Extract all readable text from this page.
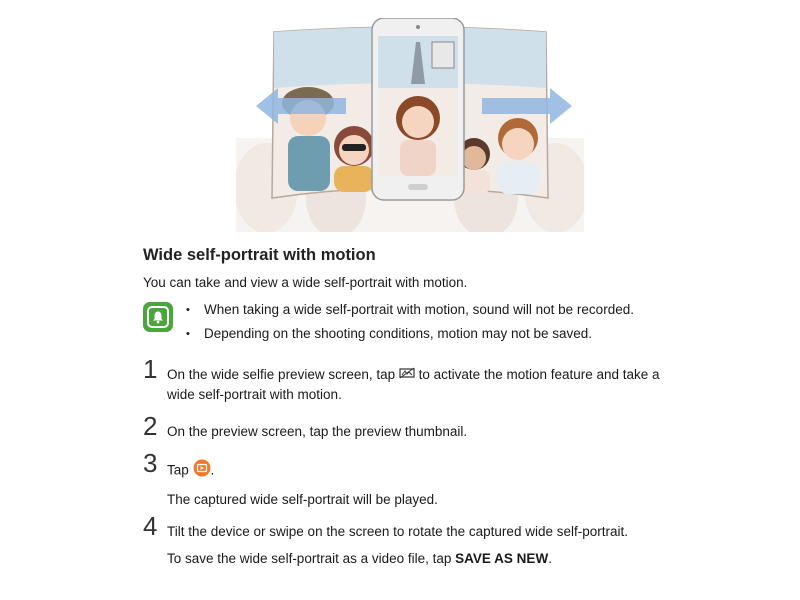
Wide self-portrait with motion
You can take and view a wide self-portrait with motion.
• When taking a wide self-portrait with motion, sound will not be recorded.
• Depending on the shooting conditions, motion may not be saved.
1 On the wide selfie preview screen, tap to activate the motion feature and take a wide self-portrait with motion.
2 On the preview screen, tap the preview thumbnail.
3 Tap .
The captured wide self-portrait will be played.
4 Tilt the device or swipe on the screen to rotate the captured wide self-portrait.
To save the wide self-portrait as a video file, tap SAVE AS NEW.
